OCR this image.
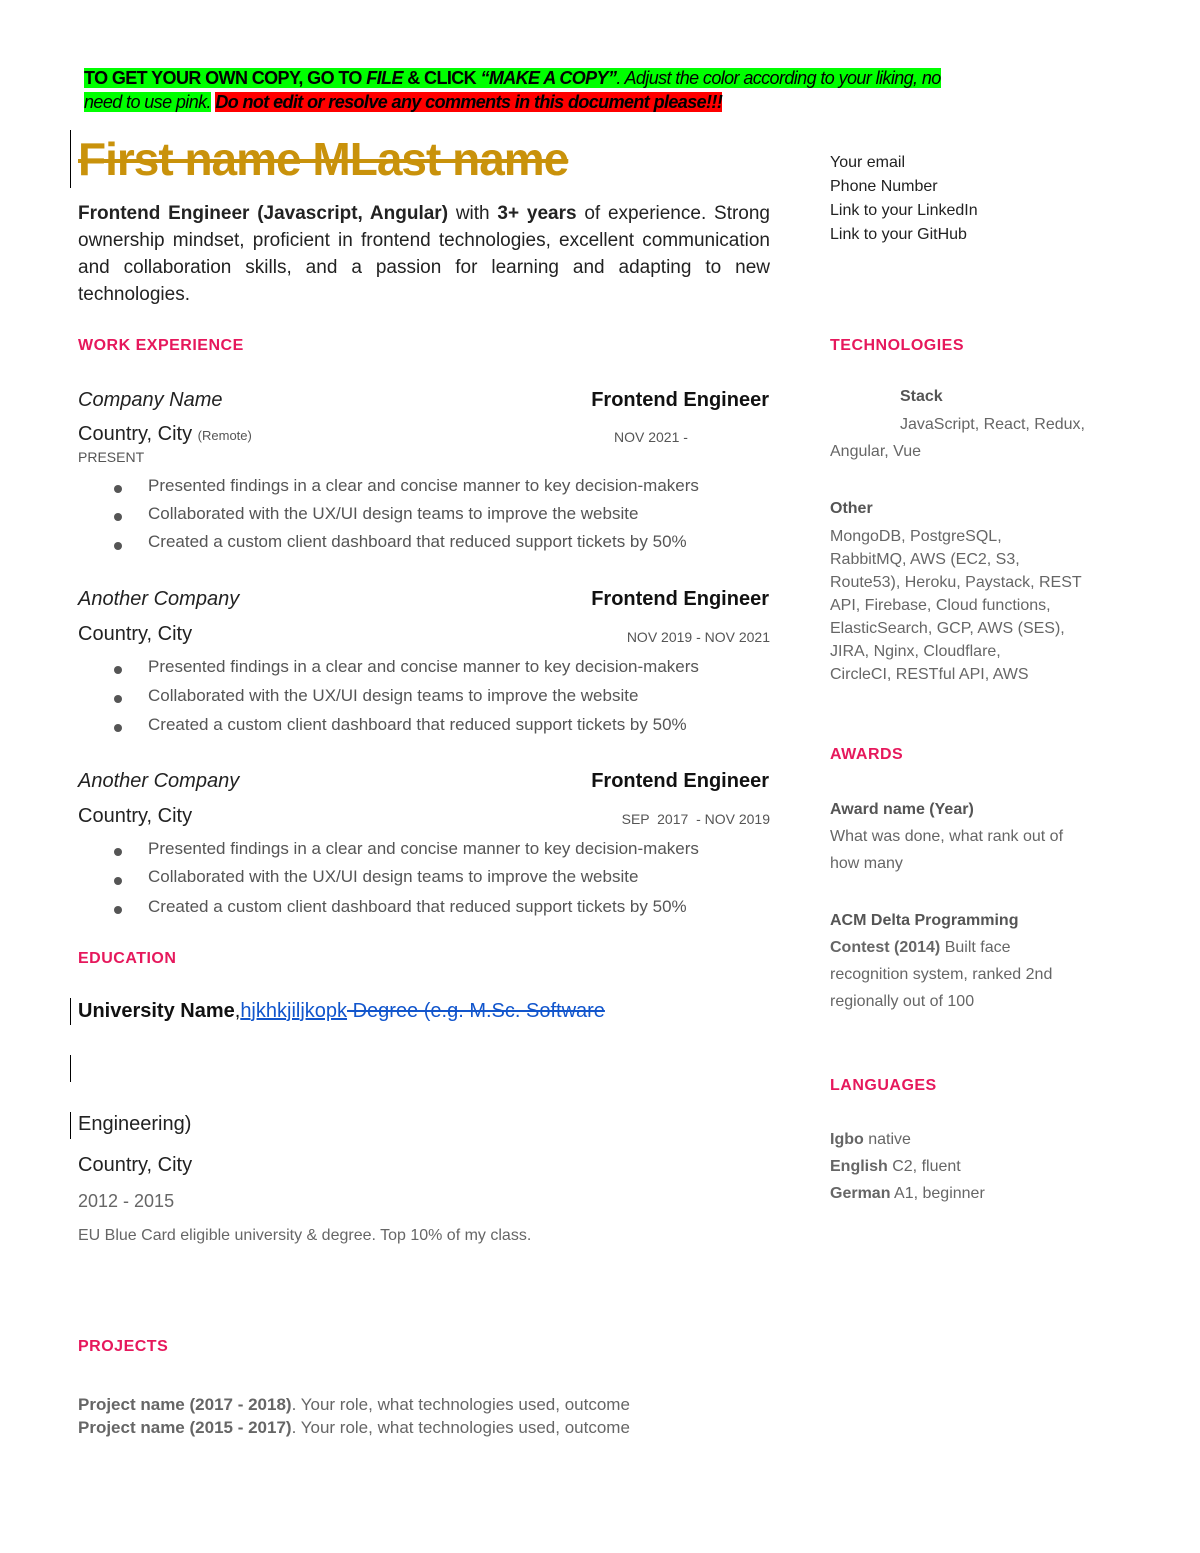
TO GET YOUR OWN COPY, GO TO FILE & CLICK “MAKE A COPY”. Adjust the color according to your liking, no
need to use pink. Do not edit or resolve any comments in this document please!!!
First name MLast name
Frontend Engineer (Javascript, Angular) with 3+ years of experience. Strong ownership mindset, proficient in frontend technologies, excellent communication and collaboration skills, and a passion for learning and adapting to new technologies.
Your email
Phone Number
Link to your LinkedIn
Link to your GitHub
WORK EXPERIENCE
Company Name	Frontend Engineer
Country, City (Remote)	NOV 2021 -
PRESENT
Presented findings in a clear and concise manner to key decision-makers
Collaborated with the UX/UI design teams to improve the website
Created a custom client dashboard that reduced support tickets by 50%
Another Company	Frontend Engineer
Country, City	NOV 2019 - NOV 2021
Presented findings in a clear and concise manner to key decision-makers
Collaborated with the UX/UI design teams to improve the website
Created a custom client dashboard that reduced support tickets by 50%
Another Company	Frontend Engineer
Country, City	SEP  2017  - NOV 2019
Presented findings in a clear and concise manner to key decision-makers
Collaborated with the UX/UI design teams to improve the website
Created a custom client dashboard that reduced support tickets by 50%
EDUCATION
University Name,hjkhkjiljkopk Degree (e.g. M.Sc. Software
Engineering)
Country, City
2012 - 2015
EU Blue Card eligible university & degree. Top 10% of my class.
PROJECTS
Project name (2017 - 2018). Your role, what technologies used, outcome
Project name (2015 - 2017). Your role, what technologies used, outcome
TECHNOLOGIES
Stack
JavaScript, React, Redux,
Angular, Vue
Other
MongoDB, PostgreSQL,
RabbitMQ, AWS (EC2, S3,
Route53), Heroku, Paystack, REST
API, Firebase, Cloud functions,
ElasticSearch, GCP, AWS (SES),
JIRA, Nginx, Cloudflare,
CircleCI, RESTful API, AWS
AWARDS
Award name (Year)
What was done, what rank out of
how many
ACM Delta Programming
Contest (2014) Built face
recognition system, ranked 2nd
regionally out of 100
LANGUAGES
Igbo native
English C2, fluent
German A1, beginner
